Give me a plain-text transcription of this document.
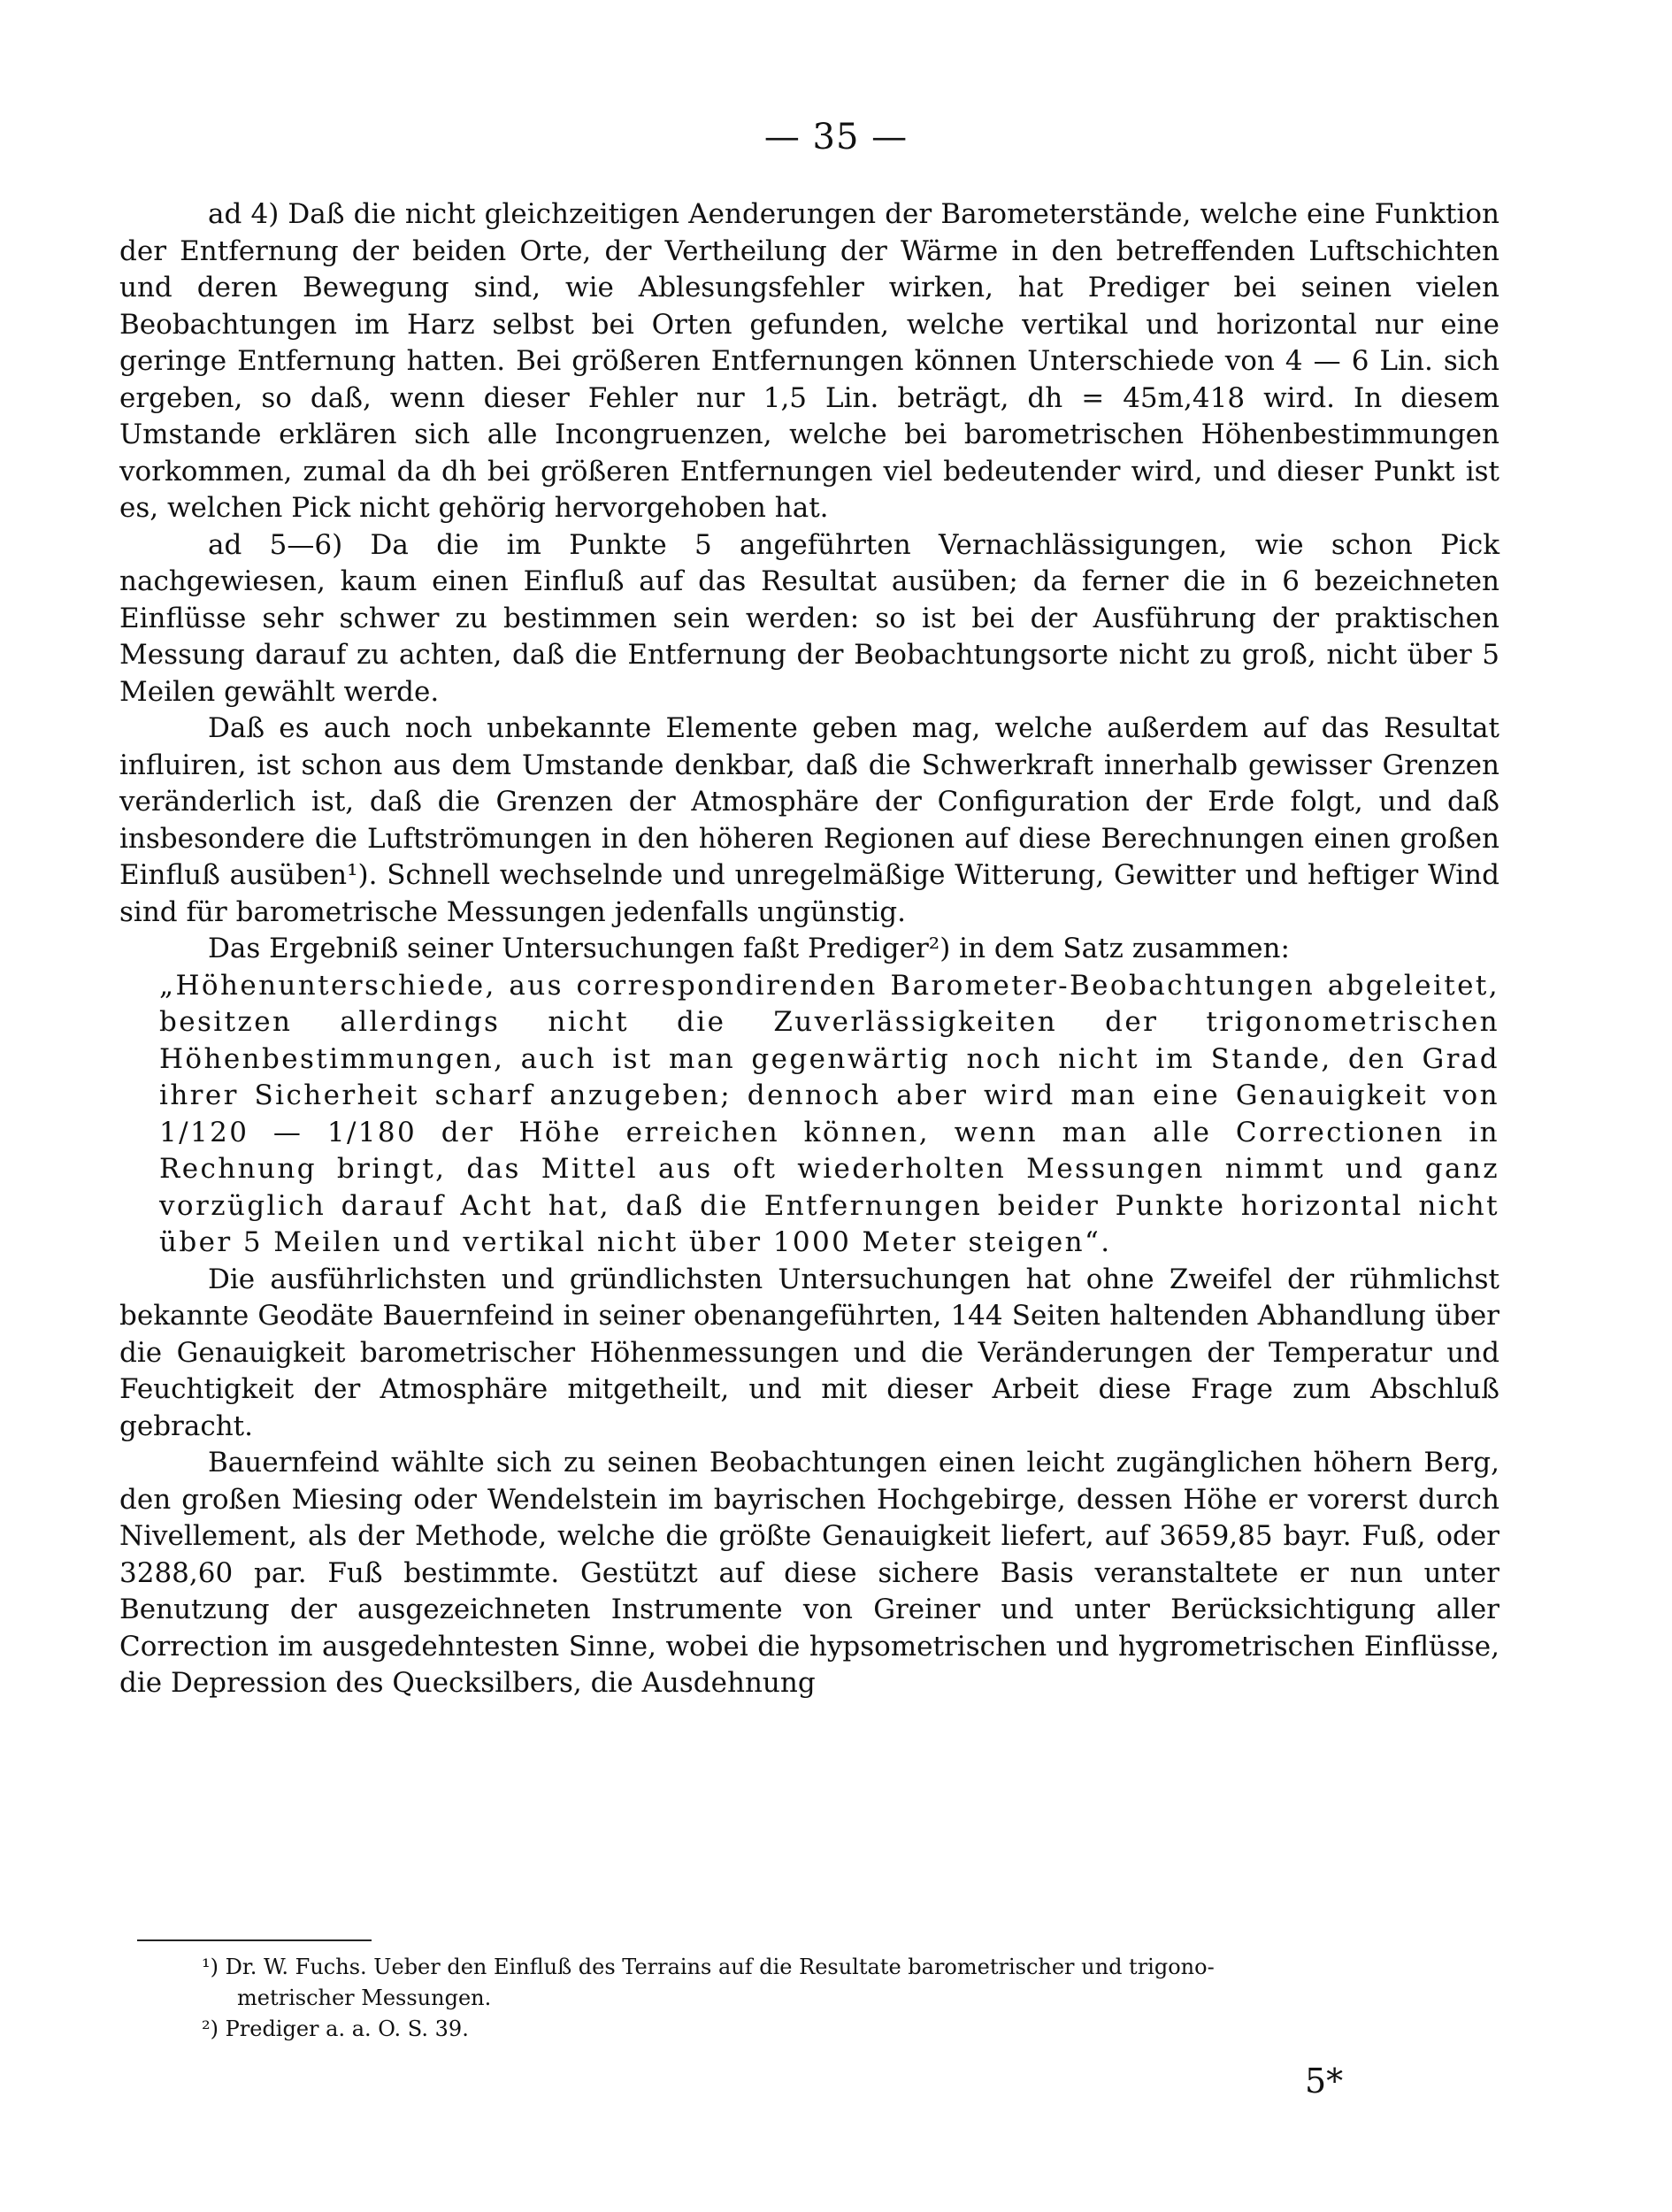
— 35 —

ad 4) Daß die nicht gleichzeitigen Aenderungen der Barometerstände, welche eine Funktion der Entfernung der beiden Orte, der Vertheilung der Wärme in den betreffenden Luftschichten und deren Bewegung sind, wie Ablesungsfehler wirken, hat Prediger bei seinen vielen Beobachtungen im Harz selbst bei Orten gefunden, welche vertikal und horizontal nur eine geringe Entfernung hatten. Bei größeren Entfernungen können Unterschiede von 4 — 6 Lin. sich ergeben, so daß, wenn dieser Fehler nur 1,5 Lin. beträgt, dh = 45m,418 wird. In diesem Umstande erklären sich alle Incongruenzen, welche bei barometrischen Höhenbestimmungen vorkommen, zumal da dh bei größeren Entfernungen viel bedeutender wird, und dieser Punkt ist es, welchen Pick nicht gehörig hervorgehoben hat.

ad 5—6) Da die im Punkte 5 angeführten Vernachlässigungen, wie schon Pick nachgewiesen, kaum einen Einfluß auf das Resultat ausüben; da ferner die in 6 bezeichneten Einflüsse sehr schwer zu bestimmen sein werden: so ist bei der Ausführung der praktischen Messung darauf zu achten, daß die Entfernung der Beobachtungsorte nicht zu groß, nicht über 5 Meilen gewählt werde.

Daß es auch noch unbekannte Elemente geben mag, welche außerdem auf das Resultat influiren, ist schon aus dem Umstande denkbar, daß die Schwerkraft innerhalb gewisser Grenzen veränderlich ist, daß die Grenzen der Atmosphäre der Configuration der Erde folgt, und daß insbesondere die Luftströmungen in den höheren Regionen auf diese Berechnungen einen großen Einfluß ausüben¹). Schnell wechselnde und unregelmäßige Witterung, Gewitter und heftiger Wind sind für barometrische Messungen jedenfalls ungünstig.

Das Ergebniß seiner Untersuchungen faßt Prediger²) in dem Satz zusammen:

„Höhenunterschiede, aus correspondirenden Barometer-Beobachtungen abgeleitet, besitzen allerdings nicht die Zuverlässigkeiten der trigonometrischen Höhenbestimmungen, auch ist man gegenwärtig noch nicht im Stande, den Grad ihrer Sicherheit scharf anzugeben; dennoch aber wird man eine Genauigkeit von 1/120 — 1/180 der Höhe erreichen können, wenn man alle Correctionen in Rechnung bringt, das Mittel aus oft wiederholten Messungen nimmt und ganz vorzüglich darauf Acht hat, daß die Entfernungen beider Punkte horizontal nicht über 5 Meilen und vertikal nicht über 1000 Meter steigen“.

Die ausführlichsten und gründlichsten Untersuchungen hat ohne Zweifel der rühmlichst bekannte Geodäte Bauernfeind in seiner obenangeführten, 144 Seiten haltenden Abhandlung über die Genauigkeit barometrischer Höhenmessungen und die Veränderungen der Temperatur und Feuchtigkeit der Atmosphäre mitgetheilt, und mit dieser Arbeit diese Frage zum Abschluß gebracht.

Bauernfeind wählte sich zu seinen Beobachtungen einen leicht zugänglichen höhern Berg, den großen Miesing oder Wendelstein im bayrischen Hochgebirge, dessen Höhe er vorerst durch Nivellement, als der Methode, welche die größte Genauigkeit liefert, auf 3659,85 bayr. Fuß, oder 3288,60 par. Fuß bestimmte. Gestützt auf diese sichere Basis veranstaltete er nun unter Benutzung der ausgezeichneten Instrumente von Greiner und unter Berücksichtigung aller Correction im ausgedehntesten Sinne, wobei die hypsometrischen und hygrometrischen Einflüsse, die Depression des Quecksilbers, die Ausdehnung

¹) Dr. W. Fuchs. Ueber den Einfluß des Terrains auf die Resultate barometrischer und trigono-

metrischer Messungen.

²) Prediger a. a. O. S. 39.

5*
